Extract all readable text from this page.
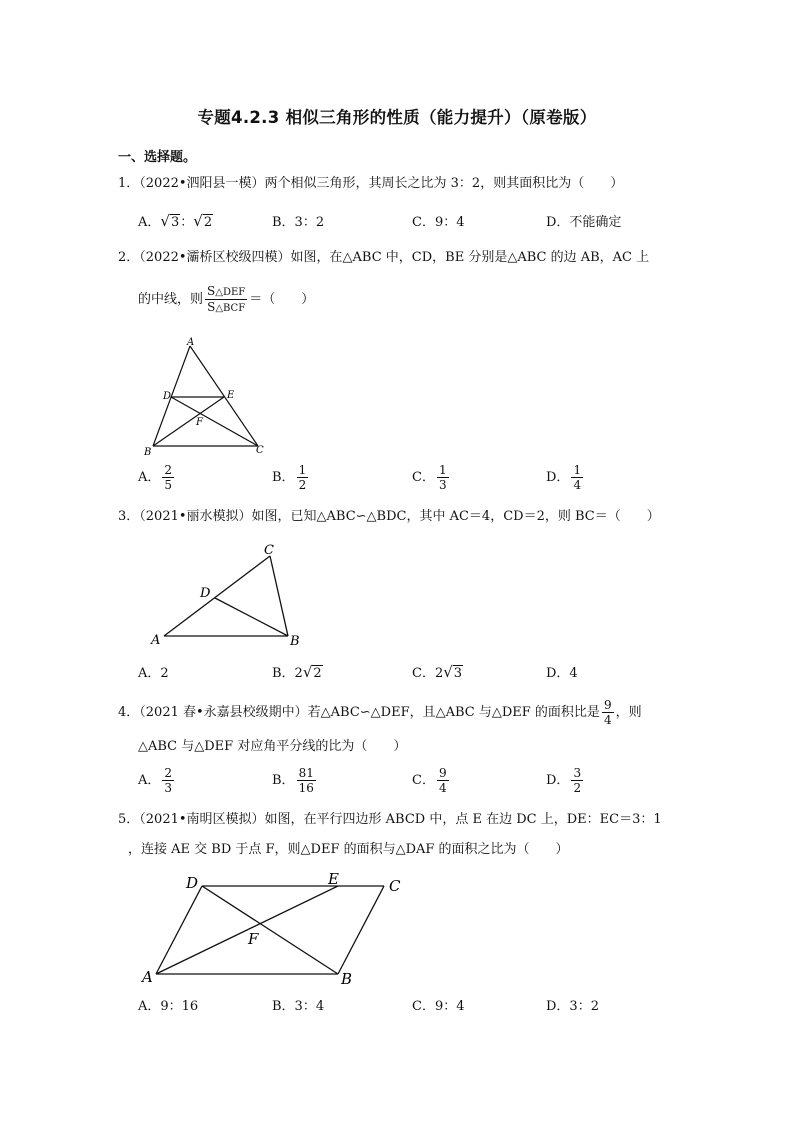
专题4.2.3 相似三角形的性质（能力提升）（原卷版）
一、选择题。
1．（2022•泗阳县一模）两个相似三角形，其周长之比为 3：2，则其面积比为（　　）
A．√3：√2	B．3：2	C．9：4	D．不能确定
2．（2022•灞桥区校级四模）如图，在△ABC 中，CD，BE 分别是△ABC 的边 AB，AC 上
的中线，则 $\frac{\text{S△DEF}}{\text{S△BCF}}$ ＝（　　）
A
D	E
F
B	C
A． $\frac{2}{5}$	B． $\frac{1}{2}$	C． $\frac{1}{3}$	D． $\frac{1}{4}$
3．（2021•丽水模拟）如图，已知△ABC∽△BDC，其中 AC＝4，CD＝2，则 BC＝（　　）
C
D
A	B
A．2	B．2√2	C．2√3	D．4
4．（2021 春•永嘉县校级期中）若△ABC∽△DEF，且△ABC 与△DEF 的面积比是 $\frac{9}{4}$ ，则
△ABC 与△DEF 对应角平分线的比为（　　）
A． $\frac{2}{3}$	B． $\frac{81}{16}$	C． $\frac{9}{4}$	D． $\frac{3}{2}$
5．（2021•南明区模拟）如图，在平行四边形 ABCD 中，点 E 在边 DC 上，DE：EC＝3：1
，连接 AE 交 BD 于点 F，则△DEF 的面积与△DAF 的面积之比为（　　）
D	E	C
F
A	B
A．9：16	B．3：4	C．9：4	D．3：2
